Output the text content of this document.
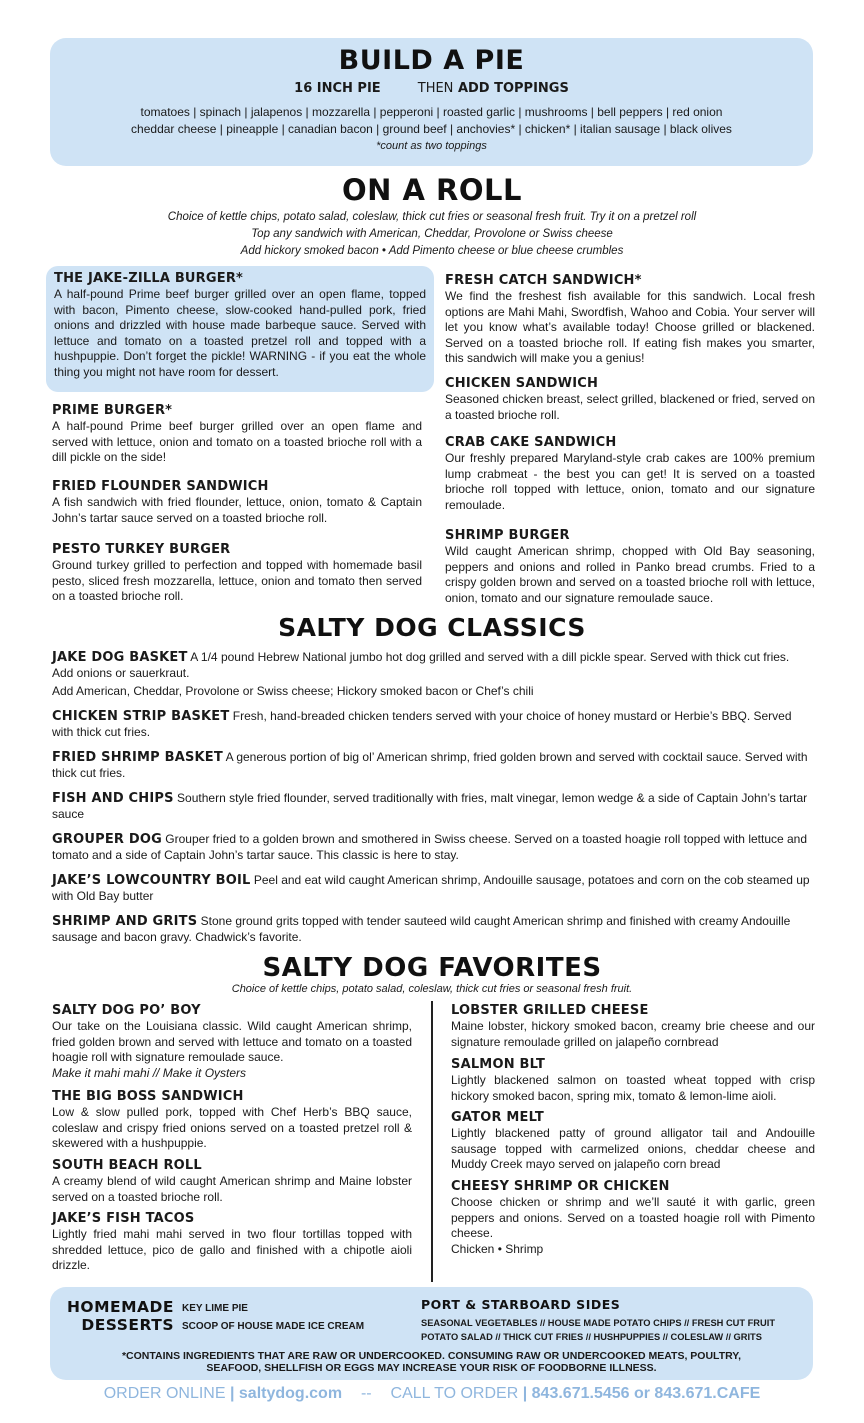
BUILD A PIE
16 INCH PIE	THEN ADD TOPPINGS
tomatoes | spinach | jalapenos | mozzarella | pepperoni | roasted garlic | mushrooms | bell peppers | red onion
cheddar cheese | pineapple | canadian bacon | ground beef | anchovies* | chicken* | italian sausage | black olives
*count as two toppings
ON A ROLL
Choice of kettle chips, potato salad, coleslaw, thick cut fries or seasonal fresh fruit. Try it on a pretzel roll
Top any sandwich with American, Cheddar, Provolone or Swiss cheese
Add hickory smoked bacon • Add Pimento cheese or blue cheese crumbles
THE JAKE-ZILLA BURGER*
A half-pound Prime beef burger grilled over an open flame, topped with bacon, Pimento cheese, slow-cooked hand-pulled pork, fried onions and drizzled with house made barbeque sauce. Served with lettuce and tomato on a toasted pretzel roll and topped with a hushpuppie. Don’t forget the pickle! WARNING - if you eat the whole thing you might not have room for dessert.
PRIME BURGER*
A half-pound Prime beef burger grilled over an open flame and served with lettuce, onion and tomato on a toasted brioche roll with a dill pickle on the side!
FRIED FLOUNDER SANDWICH
A fish sandwich with fried flounder, lettuce, onion, tomato & Captain John’s tartar sauce served on a toasted brioche roll.
PESTO TURKEY BURGER
Ground turkey grilled to perfection and topped with homemade basil pesto, sliced fresh mozzarella, lettuce, onion and tomato then served on a toasted brioche roll.
FRESH CATCH SANDWICH*
We find the freshest fish available for this sandwich. Local fresh options are Mahi Mahi, Swordfish, Wahoo and Cobia. Your server will let you know what’s available today! Choose grilled or blackened. Served on a toasted brioche roll. If eating fish makes you smarter, this sandwich will make you a genius!
CHICKEN SANDWICH
Seasoned chicken breast, select grilled, blackened or fried, served on a toasted brioche roll.
CRAB CAKE SANDWICH
Our freshly prepared Maryland-style crab cakes are 100% premium lump crabmeat - the best you can get! It is served on a toasted brioche roll topped with lettuce, onion, tomato and our signature remoulade.
SHRIMP BURGER
Wild caught American shrimp, chopped with Old Bay seasoning, peppers and onions and rolled in Panko bread crumbs. Fried to a crispy golden brown and served on a toasted brioche roll with lettuce, onion, tomato and our signature remoulade sauce.
SALTY DOG CLASSICS
JAKE DOG BASKET A 1/4 pound Hebrew National jumbo hot dog grilled and served with a dill pickle spear. Served with thick cut fries. Add onions or sauerkraut.
Add American, Cheddar, Provolone or Swiss cheese; Hickory smoked bacon or Chef’s chili
CHICKEN STRIP BASKET Fresh, hand-breaded chicken tenders served with your choice of honey mustard or Herbie’s BBQ. Served with thick cut fries.
FRIED SHRIMP BASKET A generous portion of big ol’ American shrimp, fried golden brown and served with cocktail sauce. Served with thick cut fries.
FISH AND CHIPS Southern style fried flounder, served traditionally with fries, malt vinegar, lemon wedge & a side of Captain John’s tartar sauce
GROUPER DOG Grouper fried to a golden brown and smothered in Swiss cheese. Served on a toasted hoagie roll topped with lettuce and tomato and a side of Captain John’s tartar sauce. This classic is here to stay.
JAKE’S LOWCOUNTRY BOIL Peel and eat wild caught American shrimp, Andouille sausage, potatoes and corn on the cob steamed up with Old Bay butter
SHRIMP AND GRITS Stone ground grits topped with tender sauteed wild caught American shrimp and finished with creamy Andouille sausage and bacon gravy. Chadwick’s favorite.
SALTY DOG FAVORITES
Choice of kettle chips, potato salad, coleslaw, thick cut fries or seasonal fresh fruit.
SALTY DOG PO’ BOY
Our take on the Louisiana classic. Wild caught American shrimp, fried golden brown and served with lettuce and tomato on a toasted hoagie roll with signature remoulade sauce.
Make it mahi mahi // Make it Oysters
THE BIG BOSS SANDWICH
Low & slow pulled pork, topped with Chef Herb’s BBQ sauce, coleslaw and crispy fried onions served on a toasted pretzel roll & skewered with a hushpuppie.
SOUTH BEACH ROLL
A creamy blend of wild caught American shrimp and Maine lobster served on a toasted brioche roll.
JAKE’S FISH TACOS
Lightly fried mahi mahi served in two flour tortillas topped with shredded lettuce, pico de gallo and finished with a chipotle aioli drizzle.
LOBSTER GRILLED CHEESE
Maine lobster, hickory smoked bacon, creamy brie cheese and our signature remoulade grilled on jalapeño cornbread
SALMON BLT
Lightly blackened salmon on toasted wheat topped with crisp hickory smoked bacon, spring mix, tomato & lemon-lime aioli.
GATOR MELT
Lightly blackened patty of ground alligator tail and Andouille sausage topped with carmelized onions, cheddar cheese and Muddy Creek mayo served on jalapeño corn bread
CHEESY SHRIMP OR CHICKEN
Choose chicken or shrimp and we’ll sauté it with garlic, green peppers and onions. Served on a toasted hoagie roll with Pimento cheese.
Chicken • Shrimp
HOMEMADE
DESSERTS
KEY LIME PIE
SCOOP OF HOUSE MADE ICE CREAM
PORT & STARBOARD SIDES
SEASONAL VEGETABLES // HOUSE MADE POTATO CHIPS // FRESH CUT FRUIT
POTATO SALAD // THICK CUT FRIES // HUSHPUPPIES // COLESLAW // GRITS
*CONTAINS INGREDIENTS THAT ARE RAW OR UNDERCOOKED. CONSUMING RAW OR UNDERCOOKED MEATS, POULTRY,
SEAFOOD, SHELLFISH OR EGGS MAY INCREASE YOUR RISK OF FOODBORNE ILLNESS.
ORDER ONLINE | saltydog.com -- CALL TO ORDER | 843.671.5456 or 843.671.CAFE
